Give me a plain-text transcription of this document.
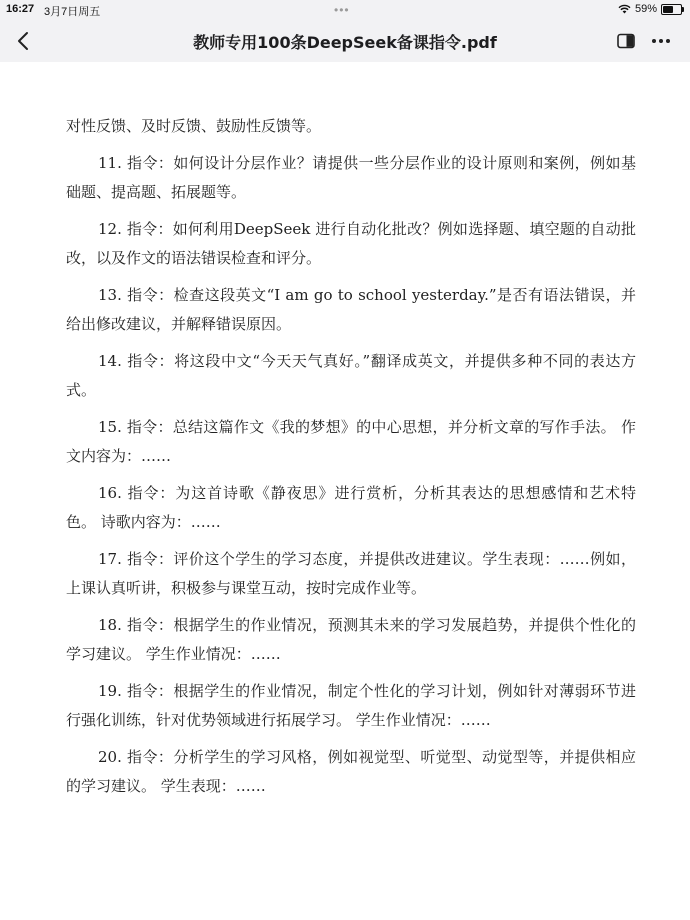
16:27 3月7日周五	•••	59%
教师专用100条DeepSeek备课指令.pdf

对性反馈、及时反馈、鼓励性反馈等。

11. 指令：如何设计分层作业？请提供一些分层作业的设计原则和案例，例如基础题、提高题、拓展题等。

12. 指令：如何利用DeepSeek 进行自动化批改？例如选择题、填空题的自动批改，以及作文的语法错误检查和评分。

13. 指令：检查这段英文“I am go to school yesterday.”是否有语法错误，并给出修改建议，并解释错误原因。

14. 指令：将这段中文“今天天气真好。”翻译成英文，并提供多种不同的表达方式。

15. 指令：总结这篇作文《我的梦想》的中心思想，并分析文章的写作手法。 作文内容为：……

16. 指令：为这首诗歌《静夜思》进行赏析，分析其表达的思想感情和艺术特色。 诗歌内容为：……

17. 指令：评价这个学生的学习态度，并提供改进建议。学生表现：……例如，上课认真听讲，积极参与课堂互动，按时完成作业等。

18. 指令：根据学生的作业情况，预测其未来的学习发展趋势，并提供个性化的学习建议。 学生作业情况：……

19. 指令：根据学生的作业情况，制定个性化的学习计划，例如针对薄弱环节进行强化训练，针对优势领域进行拓展学习。 学生作业情况：……

20. 指令：分析学生的学习风格，例如视觉型、听觉型、动觉型等，并提供相应的学习建议。 学生表现：……
